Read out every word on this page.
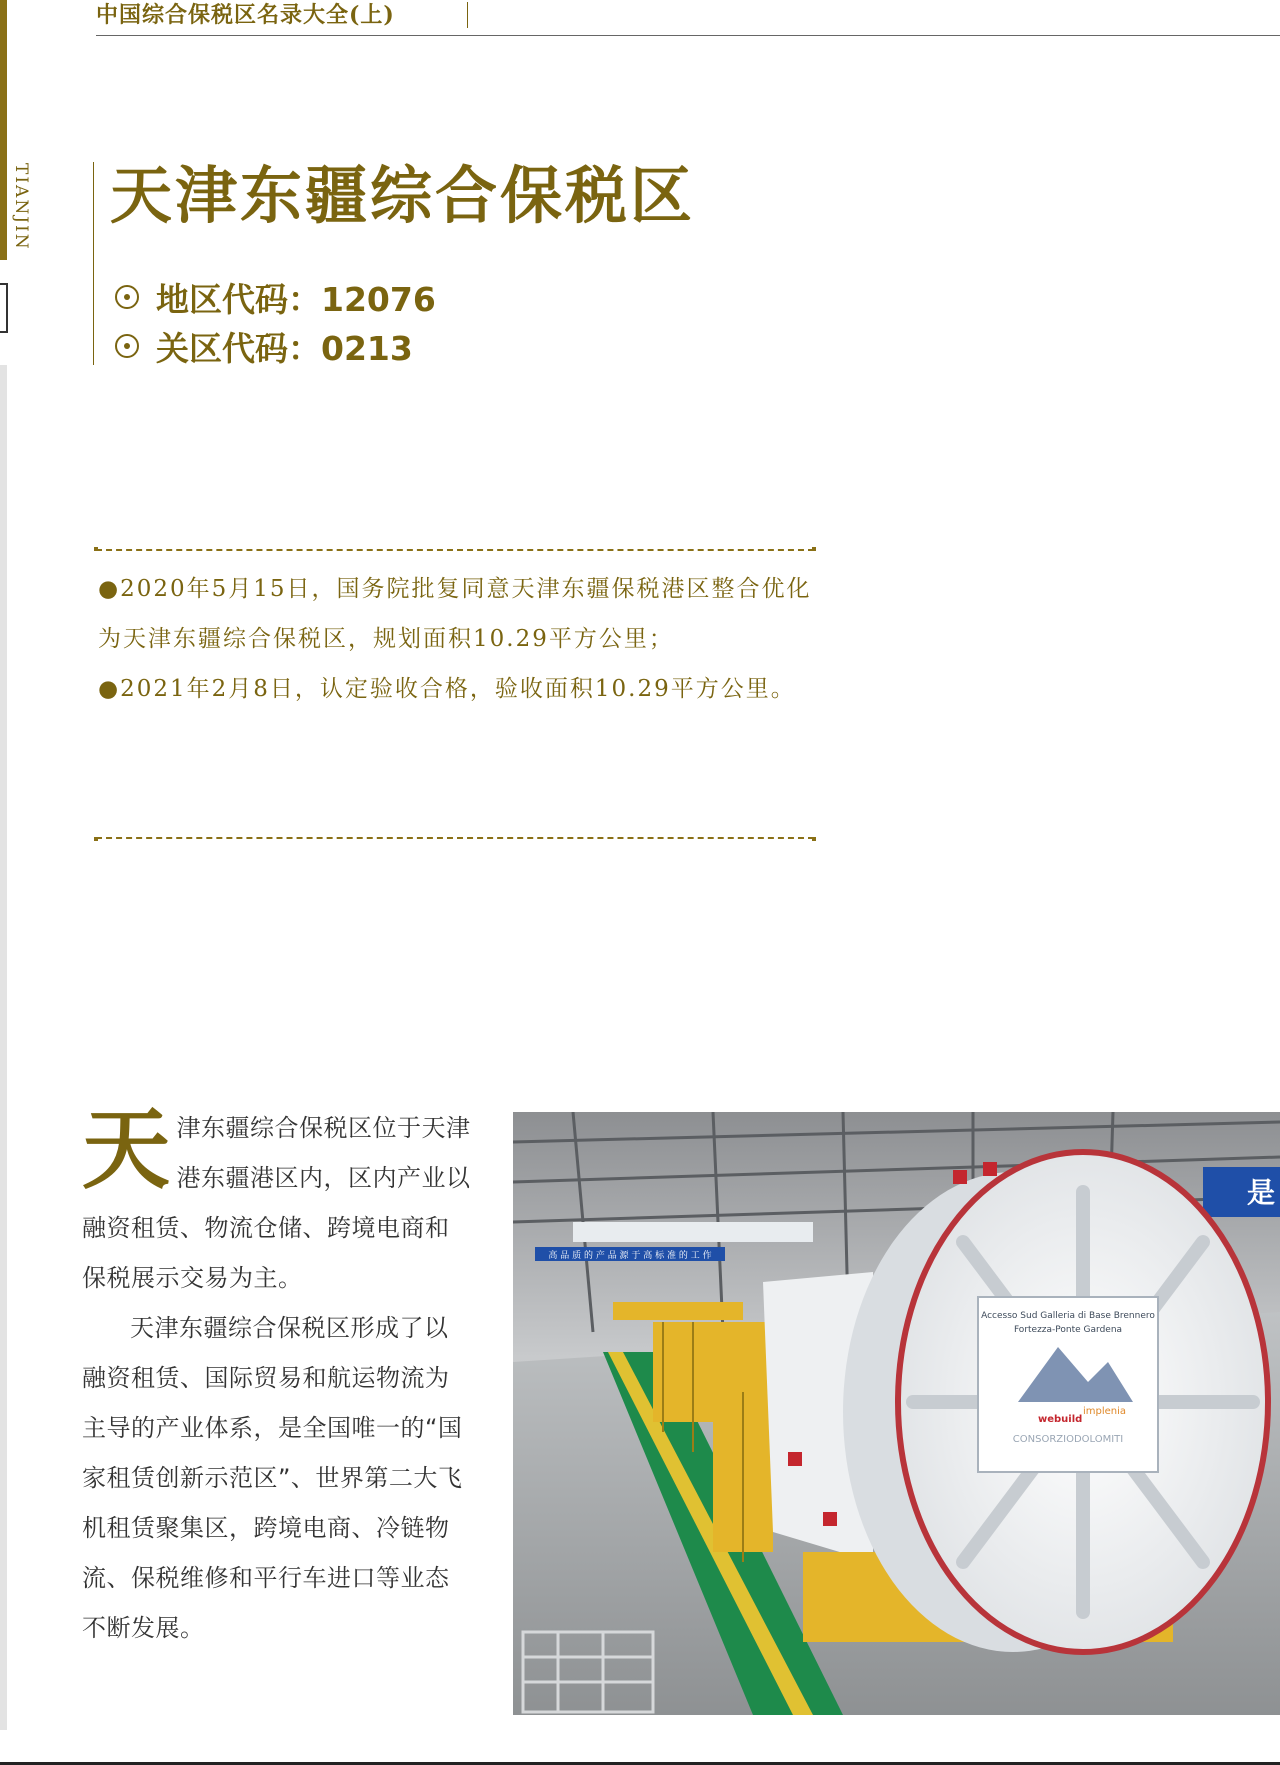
TIANJIN
中国综合保税区名录大全(上)
天津东疆综合保税区
地区代码：12076
关区代码：0213

●2020年5月15日，国务院批复同意天津东疆保税港区整合优化为天津东疆综合保税区，规划面积10.29平方公里；

●2021年2月8日，认定验收合格，验收面积10.29平方公里。

天津东疆综合保税区位于天津港东疆港区内，区内产业以融资租赁、物流仓储、跨境电商和保税展示交易为主。

天津东疆综合保税区形成了以融资租赁、国际贸易和航运物流为主导的产业体系，是全国唯一的“国家租赁创新示范区”、世界第二大飞机租赁聚集区，跨境电商、冷链物流、保税维修和平行车进口等业态不断发展。

高 品 质 的 产 品 源 于 高 标 准 的 工 作
是
Accesso Sud Galleria di Base Brennero
Fortezza-Ponte Gardena
webuild
implenia
CONSORZIODOLOMITI
